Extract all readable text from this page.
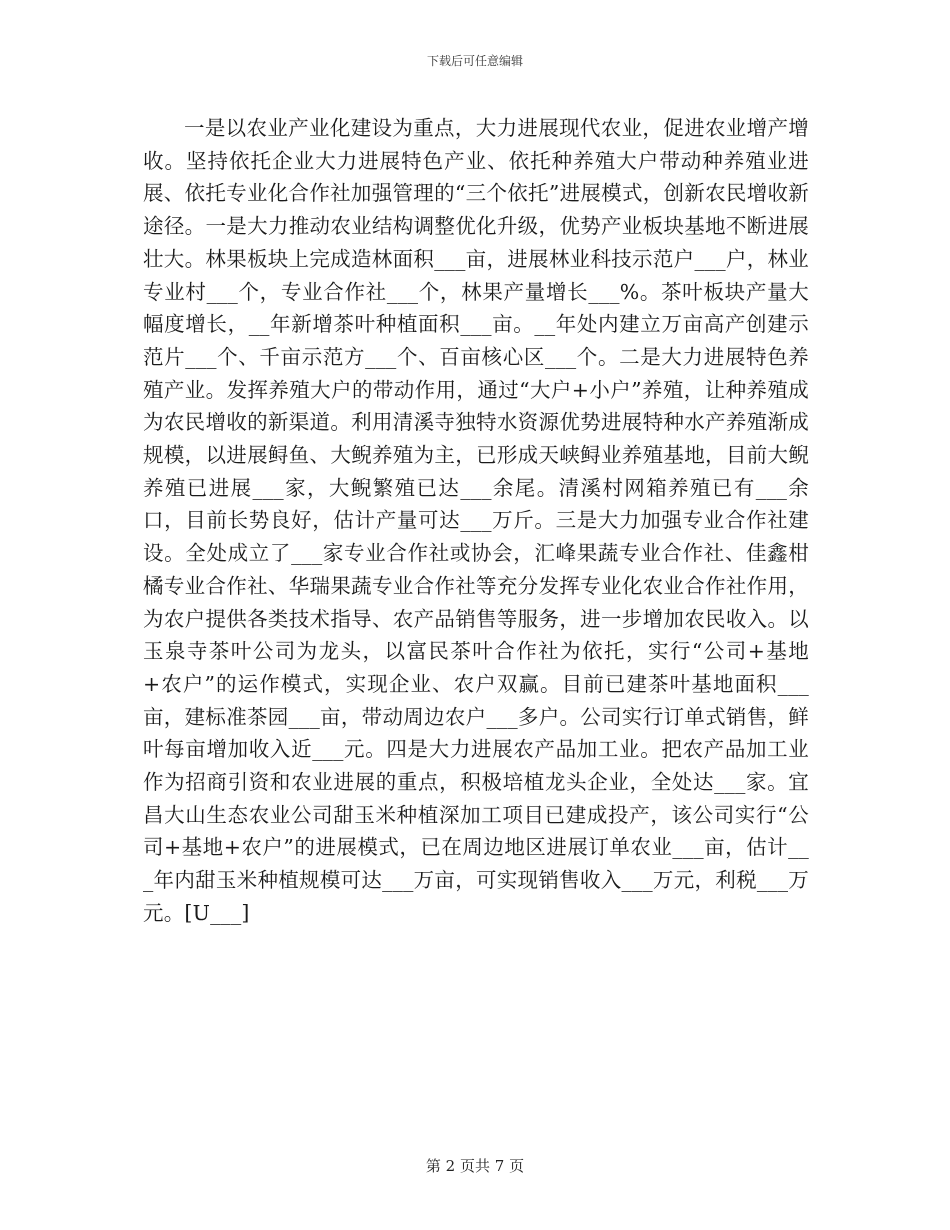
下载后可任意编辑

一是以农业产业化建设为重点，大力进展现代农业，促进农业增产增收。坚持依托企业大力进展特色产业、依托种养殖大户带动种养殖业进展、依托专业化合作社加强管理的“三个依托”进展模式，创新农民增收新途径。一是大力推动农业结构调整优化升级，优势产业板块基地不断进展壮大。林果板块上完成造林面积___亩，进展林业科技示范户___户，林业专业村___个，专业合作社___个，林果产量增长___%。茶叶板块产量大幅度增长，__年新增茶叶种植面积___亩。__年处内建立万亩高产创建示范片___个、千亩示范方___个、百亩核心区___个。二是大力进展特色养殖产业。发挥养殖大户的带动作用，通过“大户+小户”养殖，让种养殖成为农民增收的新渠道。利用清溪寺独特水资源优势进展特种水产养殖渐成规模，以进展鲟鱼、大鲵养殖为主，已形成天峡鲟业养殖基地，目前大鲵养殖已进展___家，大鲵繁殖已达___余尾。清溪村网箱养殖已有___余口，目前长势良好，估计产量可达___万斤。三是大力加强专业合作社建设。全处成立了___家专业合作社或协会，汇峰果蔬专业合作社、佳鑫柑橘专业合作社、华瑞果蔬专业合作社等充分发挥专业化农业合作社作用，为农户提供各类技术指导、农产品销售等服务，进一步增加农民收入。以玉泉寺茶叶公司为龙头，以富民茶叶合作社为依托，实行“公司+基地+农户”的运作模式，实现企业、农户双赢。目前已建茶叶基地面积___亩，建标准茶园___亩，带动周边农户___多户。公司实行订单式销售，鲜叶每亩增加收入近___元。四是大力进展农产品加工业。把农产品加工业作为招商引资和农业进展的重点，积极培植龙头企业，全处达___家。宜昌大山生态农业公司甜玉米种植深加工项目已建成投产，该公司实行“公司+基地+农户”的进展模式，已在周边地区进展订单农业___亩，估计___年内甜玉米种植规模可达___万亩，可实现销售收入___万元，利税___万元。[U___]

第 2 页共 7 页
